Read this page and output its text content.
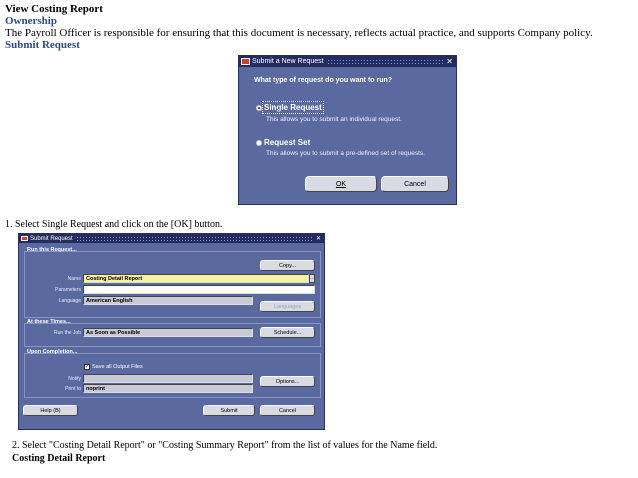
View Costing Report
Ownership
The Payroll Officer is responsible for ensuring that this document is necessary, reflects actual practice, and supports Company policy.
Submit Request
Submit a New Request	✕
What type of request do you want to run?
Single Request
This allows you to submit an individual request.
Request Set
This allows you to submit a pre-defined set of requests.
OK	Cancel
1. Select Single Request and click on the [OK] button.
Submit Request	✕
Run this Request...
Copy...
Name Costing Detail Report	…
Parameters
Language American English
Languages
At these Times...
Run the Job As Soon as Possible	Schedule...
Upon Completion...
✓ Save all Output Files
Notify	Options...
Print to noprint
Help (B)	Submit	Cancel
2. Select "Costing Detail Report" or "Costing Summary Report" from the list of values for the Name field.
Costing Detail Report
